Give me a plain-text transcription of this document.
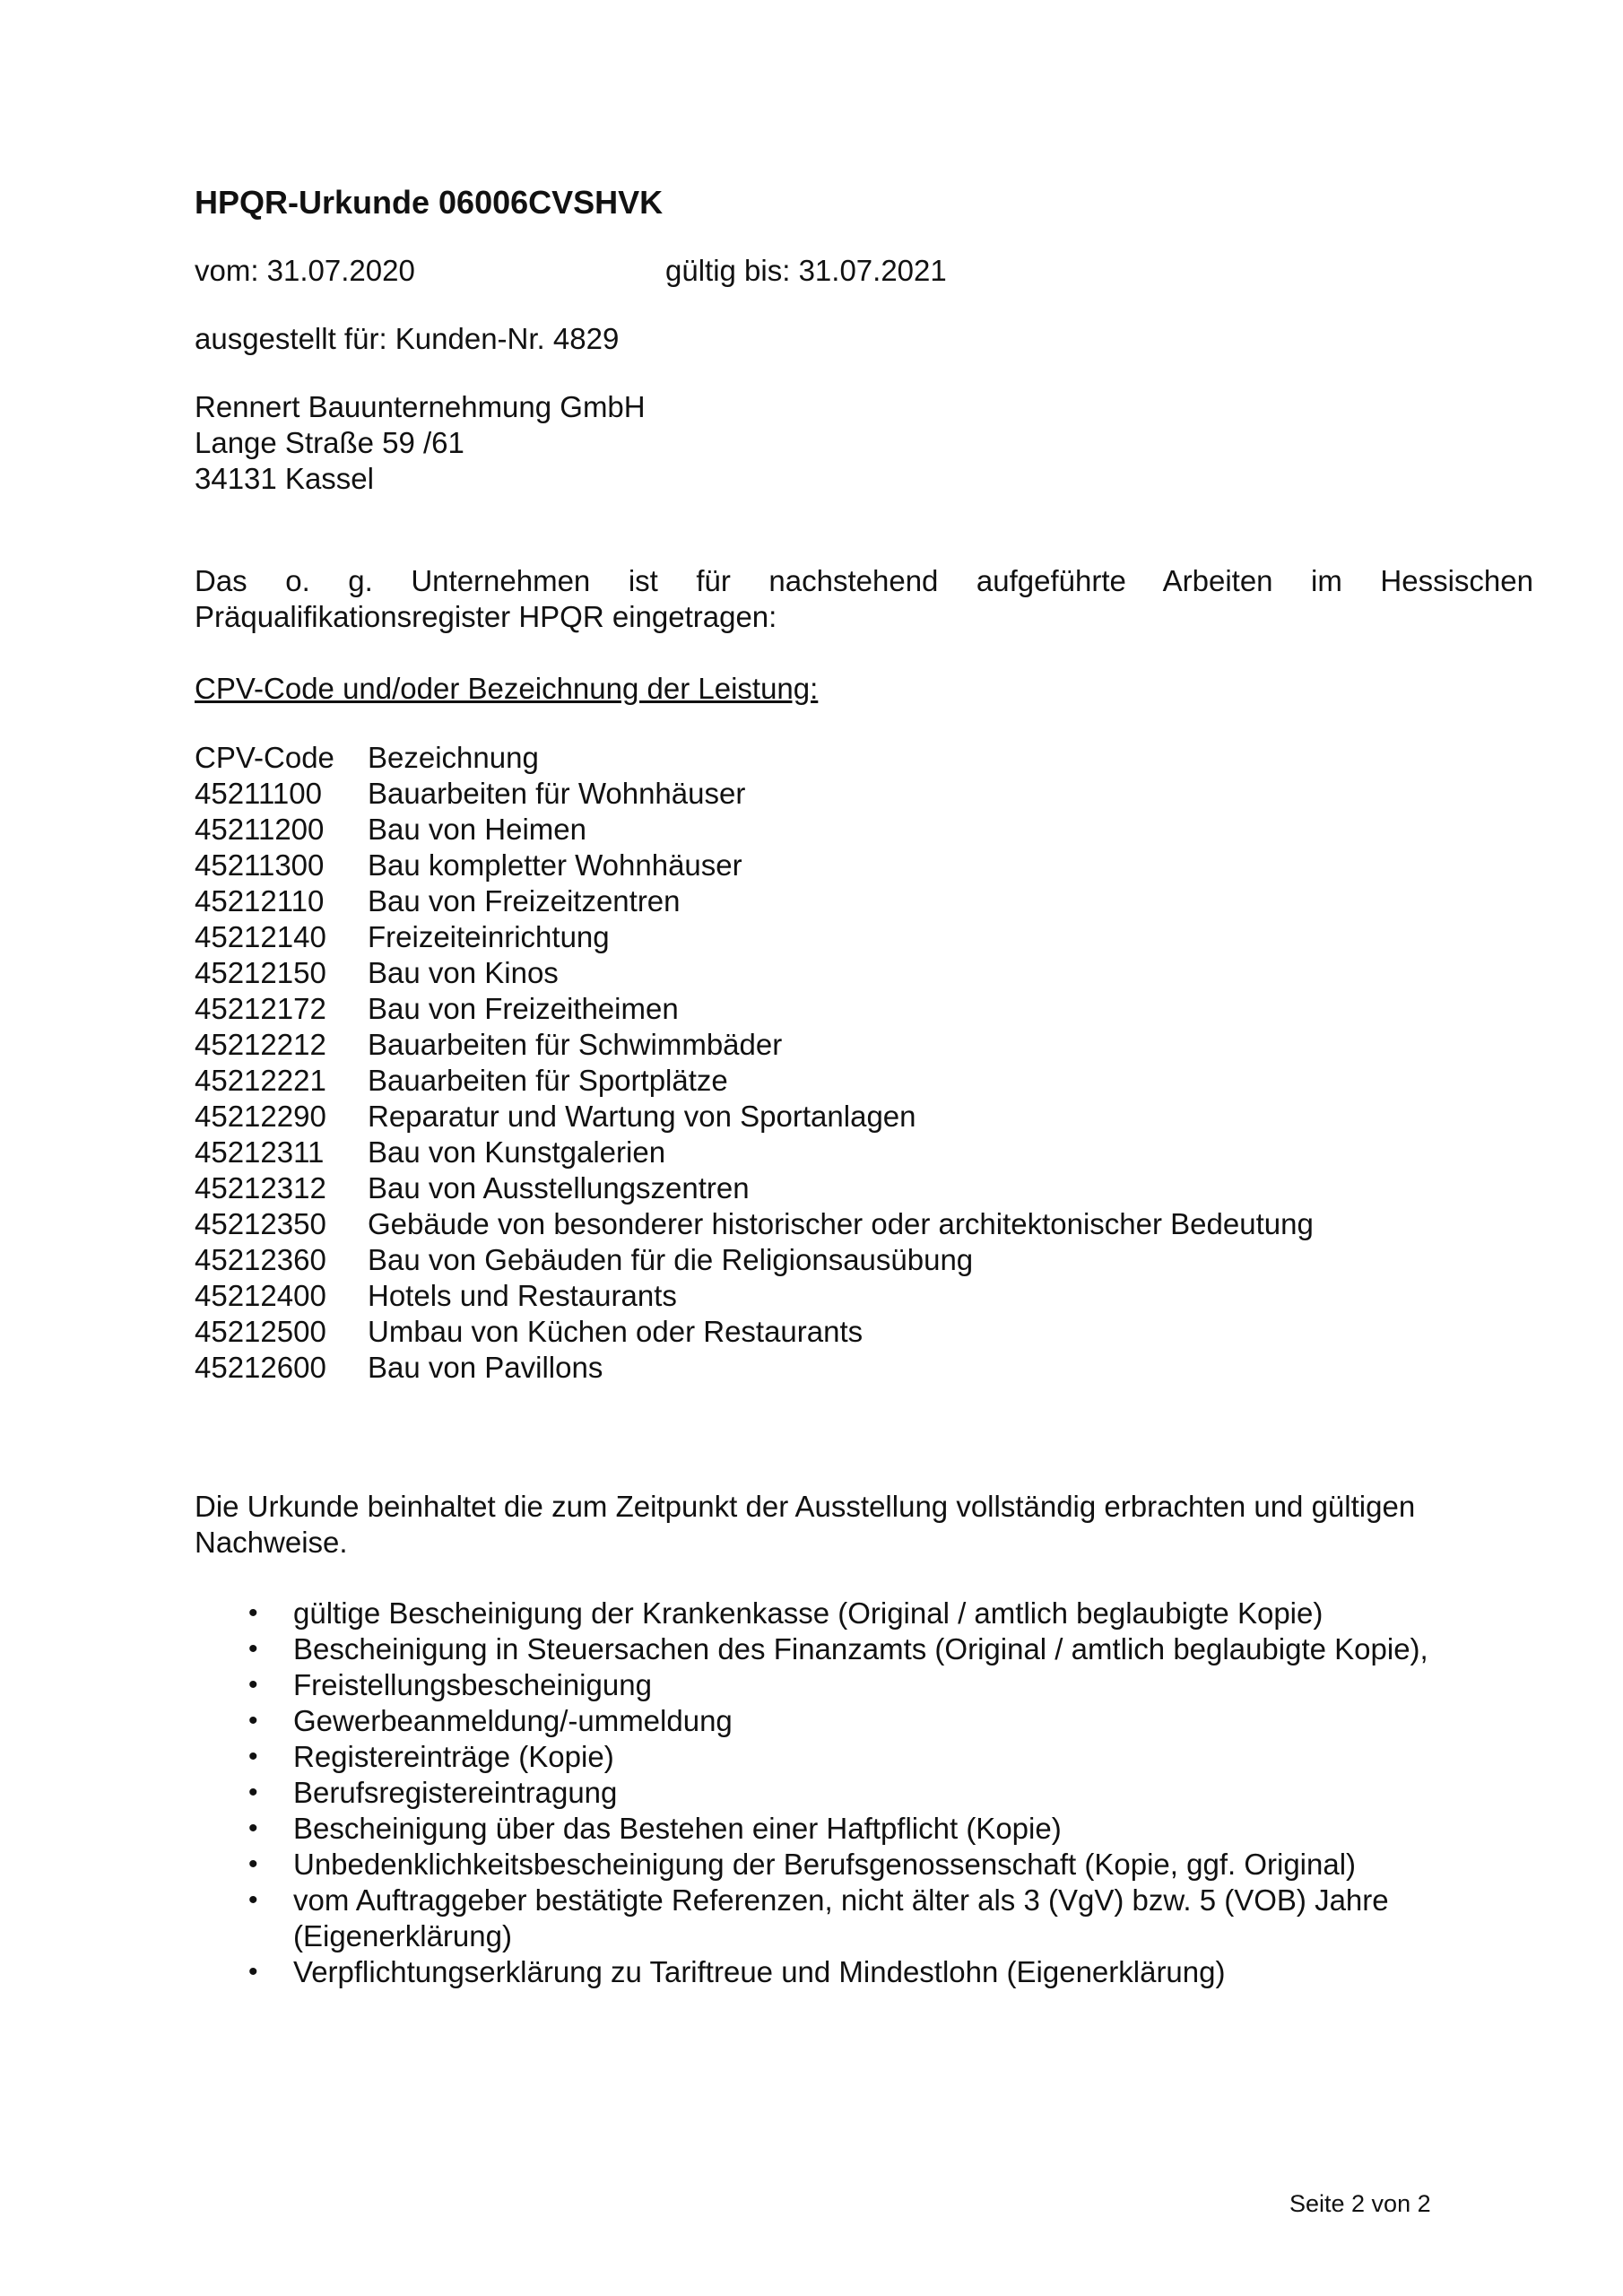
HPQR-Urkunde 06006CVSHVK

vom: 31.07.2020	gültig bis: 31.07.2021

ausgestellt für: Kunden-Nr. 4829

Rennert Bauunternehmung GmbH

Lange Straße 59 /61

34131 Kassel

Das o. g. Unternehmen ist für nachstehend aufgeführte Arbeiten im Hessischen
Präqualifikationsregister HPQR eingetragen:

CPV-Code und/oder Bezeichnung der Leistung:

CPV-Code	Bezeichnung
45211100	Bauarbeiten für Wohnhäuser
45211200	Bau von Heimen
45211300	Bau kompletter Wohnhäuser
45212110	Bau von Freizeitzentren
45212140	Freizeiteinrichtung
45212150	Bau von Kinos
45212172	Bau von Freizeitheimen
45212212	Bauarbeiten für Schwimmbäder
45212221	Bauarbeiten für Sportplätze
45212290	Reparatur und Wartung von Sportanlagen
45212311	Bau von Kunstgalerien
45212312	Bau von Ausstellungszentren
45212350	Gebäude von besonderer historischer oder architektonischer Bedeutung
45212360	Bau von Gebäuden für die Religionsausübung
45212400	Hotels und Restaurants
45212500	Umbau von Küchen oder Restaurants
45212600	Bau von Pavillons

Die Urkunde beinhaltet die zum Zeitpunkt der Ausstellung vollständig erbrachten und gültigen Nachweise.

• gültige Bescheinigung der Krankenkasse (Original / amtlich beglaubigte Kopie)
• Bescheinigung in Steuersachen des Finanzamts (Original / amtlich beglaubigte Kopie),
• Freistellungsbescheinigung
• Gewerbeanmeldung/-ummeldung
• Registereinträge (Kopie)
• Berufsregistereintragung
• Bescheinigung über das Bestehen einer Haftpflicht (Kopie)
• Unbedenklichkeitsbescheinigung der Berufsgenossenschaft (Kopie, ggf. Original)
• vom Auftraggeber bestätigte Referenzen, nicht älter als 3 (VgV) bzw. 5 (VOB) Jahre (Eigenerklärung)
• Verpflichtungserklärung zu Tariftreue und Mindestlohn (Eigenerklärung)

Seite 2 von 2
